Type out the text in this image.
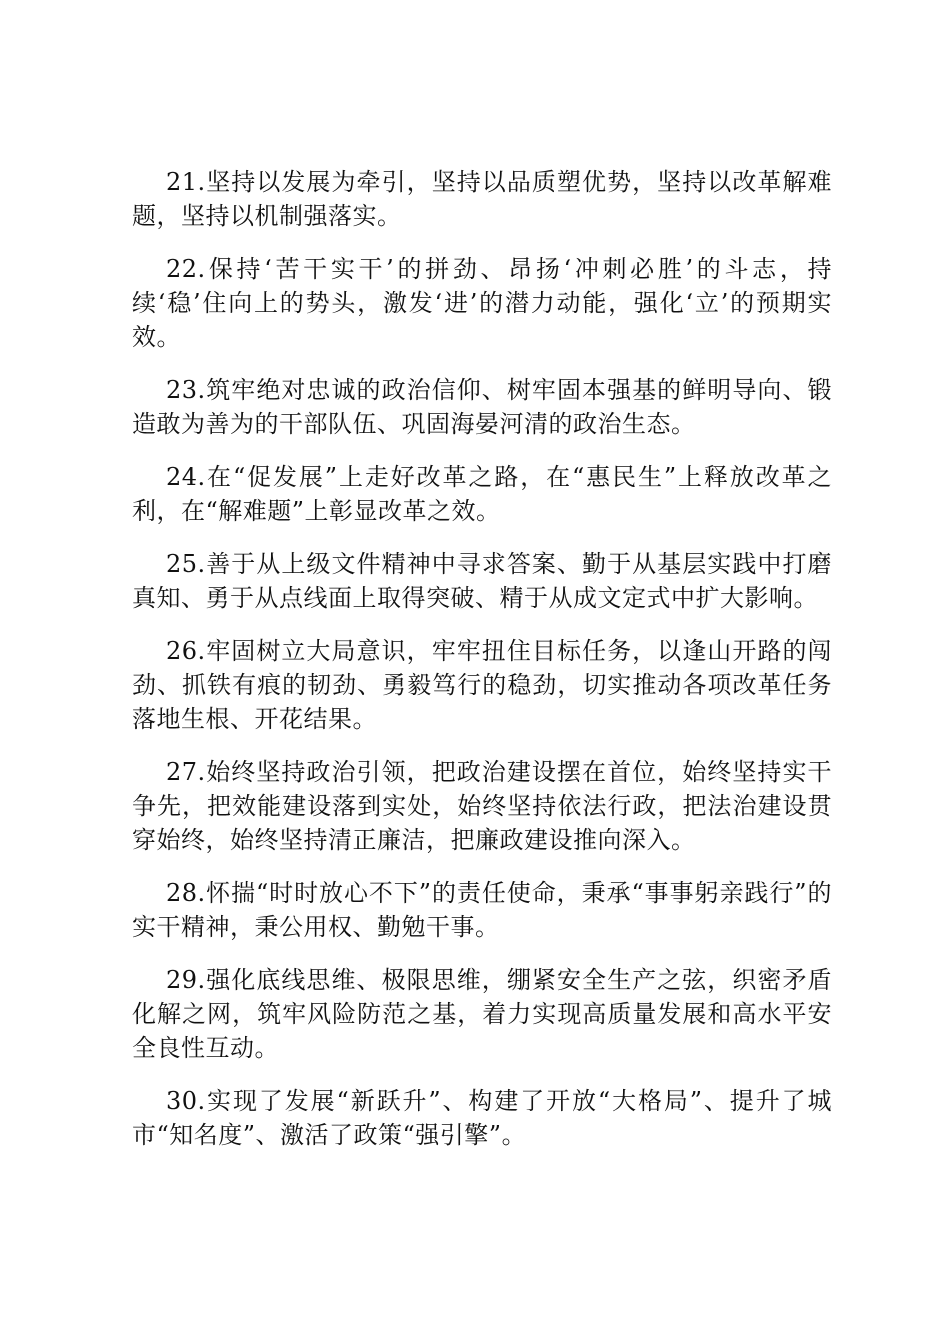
21.坚持以发展为牵引，坚持以品质塑优势，坚持以改革解难题，坚持以机制强落实。

22.保持‘苦干实干’的拼劲、昂扬‘冲刺必胜’的斗志，持续‘稳’住向上的势头，激发‘进’的潜力动能，强化‘立’的预期实效。

23.筑牢绝对忠诚的政治信仰、树牢固本强基的鲜明导向、锻造敢为善为的干部队伍、巩固海晏河清的政治生态。

24.在“促发展”上走好改革之路，在“惠民生”上释放改革之利，在“解难题”上彰显改革之效。

25.善于从上级文件精神中寻求答案、勤于从基层实践中打磨真知、勇于从点线面上取得突破、精于从成文定式中扩大影响。

26.牢固树立大局意识，牢牢扭住目标任务，以逢山开路的闯劲、抓铁有痕的韧劲、勇毅笃行的稳劲，切实推动各项改革任务落地生根、开花结果。

27.始终坚持政治引领，把政治建设摆在首位，始终坚持实干争先，把效能建设落到实处，始终坚持依法行政，把法治建设贯穿始终，始终坚持清正廉洁，把廉政建设推向深入。

28.怀揣“时时放心不下”的责任使命，秉承“事事躬亲践行”的实干精神，秉公用权、勤勉干事。

29.强化底线思维、极限思维，绷紧安全生产之弦，织密矛盾化解之网，筑牢风险防范之基，着力实现高质量发展和高水平安全良性互动。

30.实现了发展“新跃升”、构建了开放“大格局”、提升了城市“知名度”、激活了政策“强引擎”。
